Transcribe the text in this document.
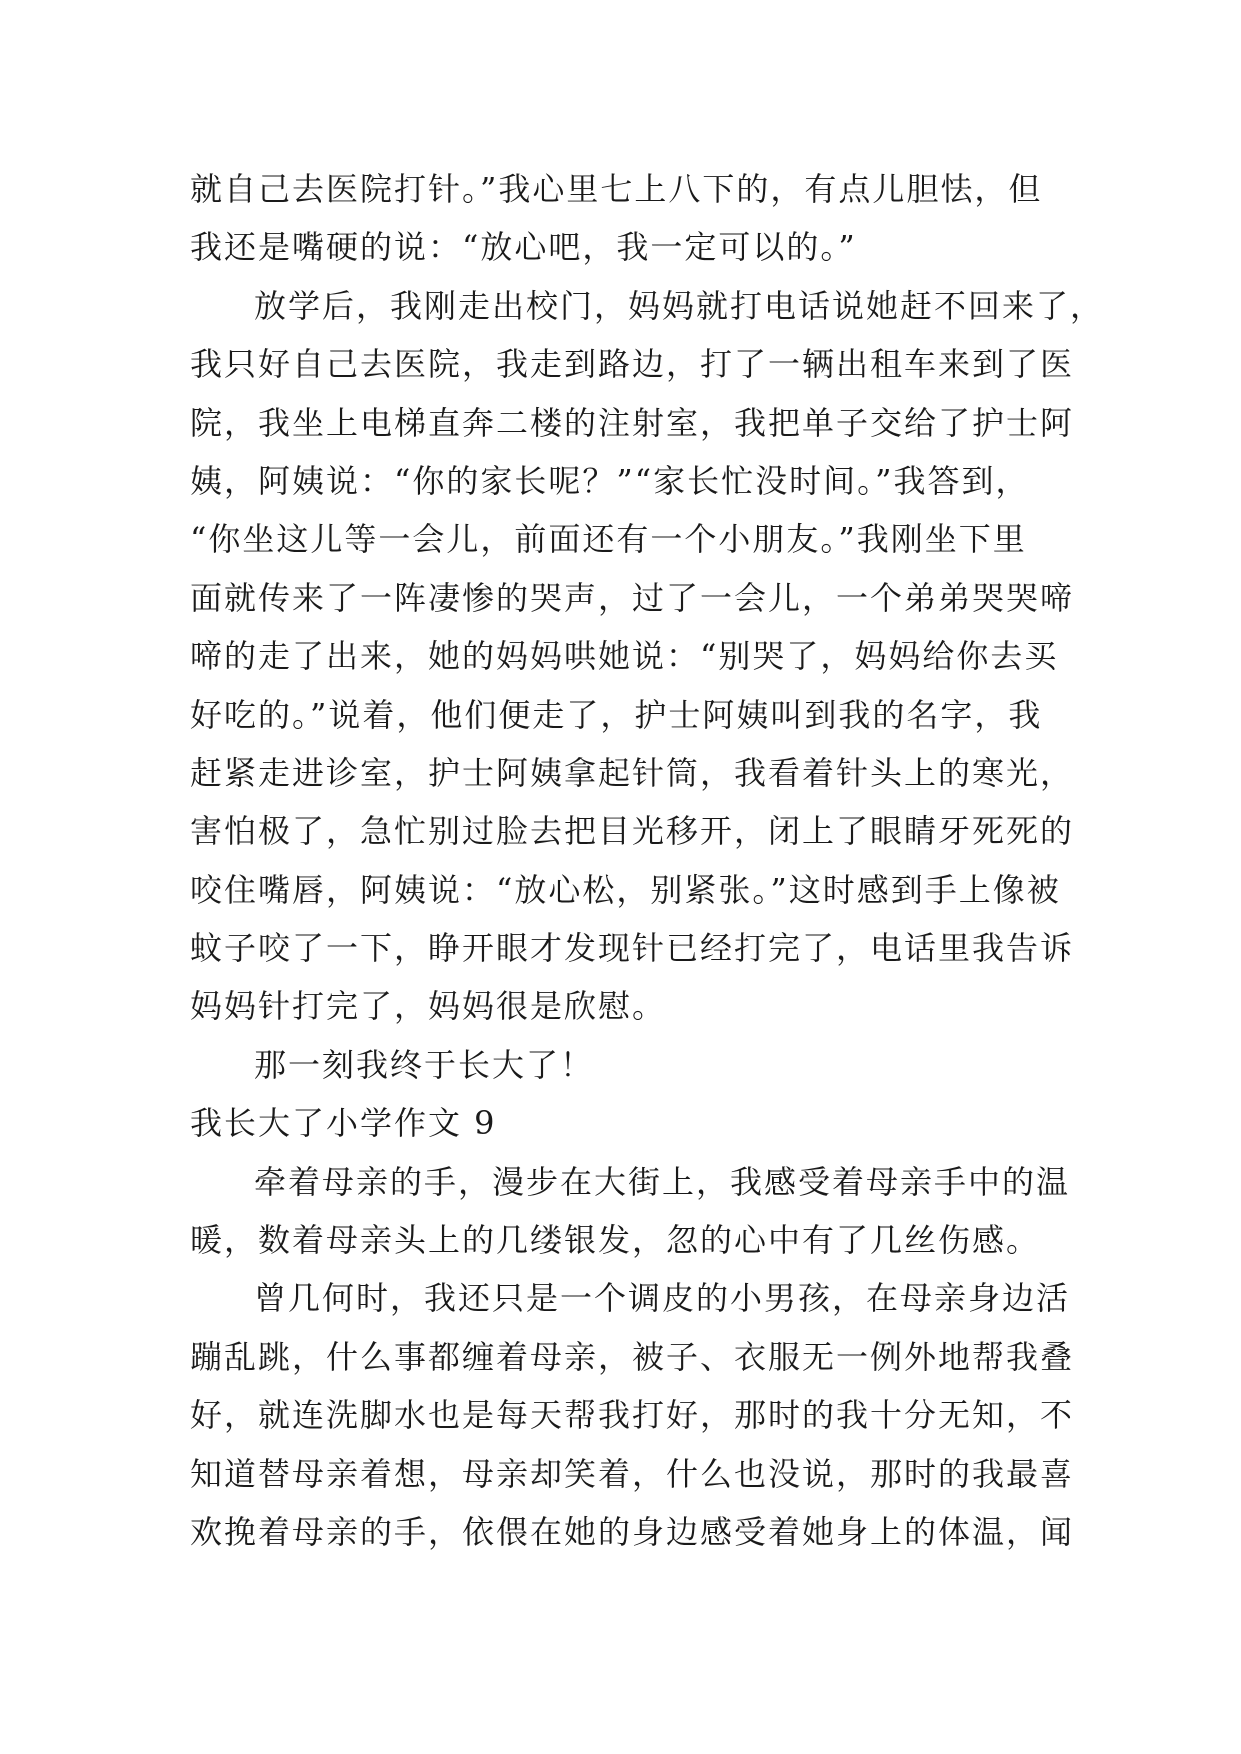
就自己去医院打针。”我心里七上八下的，有点儿胆怯，但
我还是嘴硬的说：“放心吧，我一定可以的。”
放学后，我刚走出校门，妈妈就打电话说她赶不回来了，
我只好自己去医院，我走到路边，打了一辆出租车来到了医
院，我坐上电梯直奔二楼的注射室，我把单子交给了护士阿
姨，阿姨说：“你的家长呢？”“家长忙没时间。”我答到，
“你坐这儿等一会儿，前面还有一个小朋友。”我刚坐下里
面就传来了一阵凄惨的哭声，过了一会儿，一个弟弟哭哭啼
啼的走了出来，她的妈妈哄她说：“别哭了，妈妈给你去买
好吃的。”说着，他们便走了，护士阿姨叫到我的名字，我
赶紧走进诊室，护士阿姨拿起针筒，我看着针头上的寒光，
害怕极了，急忙别过脸去把目光移开，闭上了眼睛牙死死的
咬住嘴唇，阿姨说：“放心松，别紧张。”这时感到手上像被
蚊子咬了一下，睁开眼才发现针已经打完了，电话里我告诉
妈妈针打完了，妈妈很是欣慰。
那一刻我终于长大了！
我长大了小学作文 9
牵着母亲的手，漫步在大街上，我感受着母亲手中的温
暖，数着母亲头上的几缕银发，忽的心中有了几丝伤感。
曾几何时，我还只是一个调皮的小男孩，在母亲身边活
蹦乱跳，什么事都缠着母亲，被子、衣服无一例外地帮我叠
好，就连洗脚水也是每天帮我打好，那时的我十分无知，不
知道替母亲着想，母亲却笑着，什么也没说，那时的我最喜
欢挽着母亲的手，依偎在她的身边感受着她身上的体温，闻
